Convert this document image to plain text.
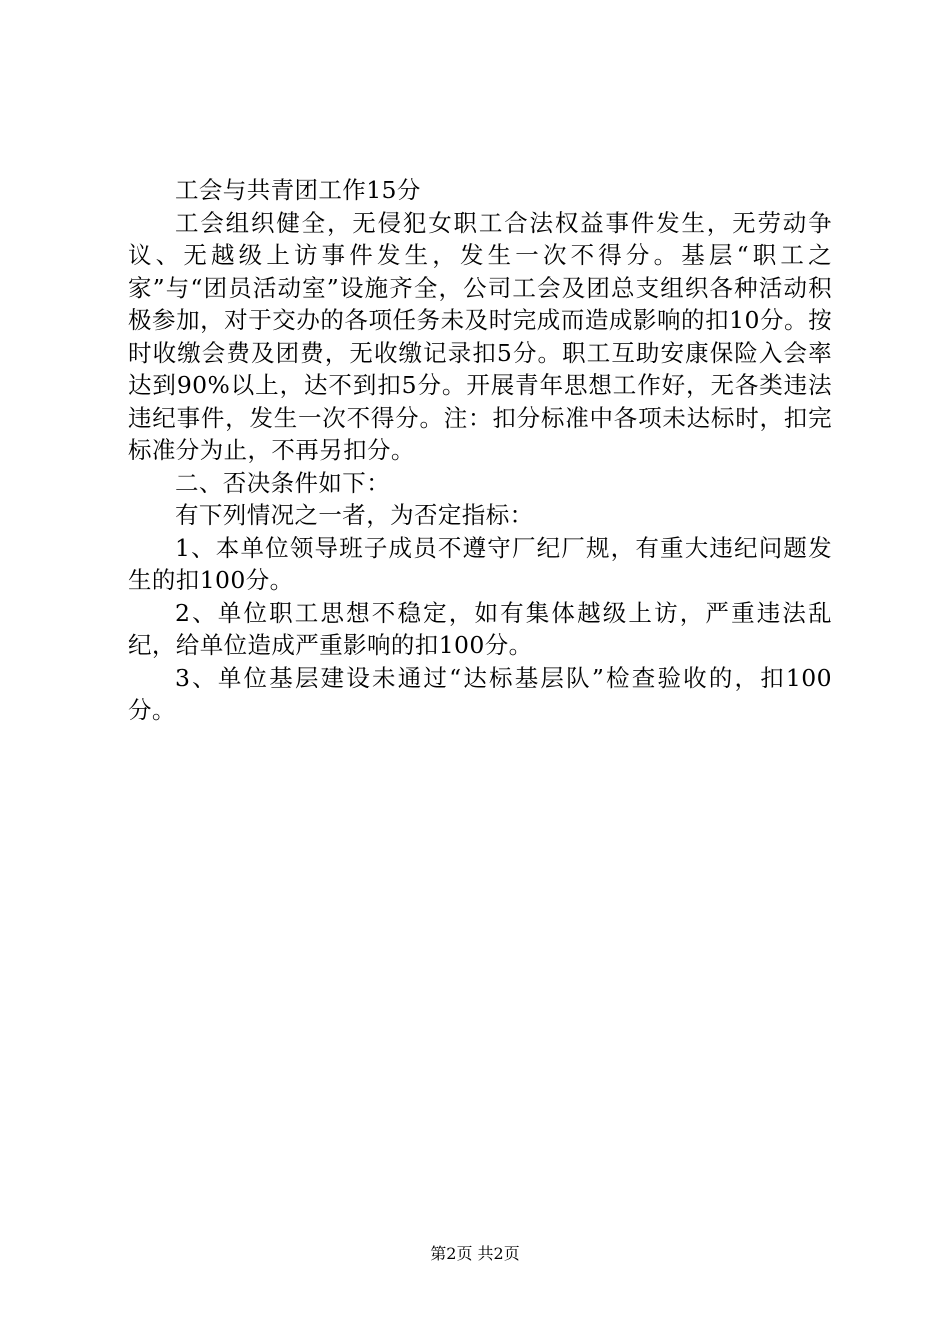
工会与共青团工作15分

工会组织健全，无侵犯女职工合法权益事件发生，无劳动争议、无越级上访事件发生，发生一次不得分。基层“职工之家”与“团员活动室”设施齐全，公司工会及团总支组织各种活动积极参加，对于交办的各项任务未及时完成而造成影响的扣10分。按时收缴会费及团费，无收缴记录扣5分。职工互助安康保险入会率达到90%以上，达不到扣5分。开展青年思想工作好，无各类违法违纪事件，发生一次不得分。注：扣分标准中各项未达标时，扣完标准分为止，不再另扣分。

二、否决条件如下：

有下列情况之一者，为否定指标：

1、本单位领导班子成员不遵守厂纪厂规，有重大违纪问题发生的扣100分。

2、单位职工思想不稳定，如有集体越级上访，严重违法乱纪，给单位造成严重影响的扣100分。

3、单位基层建设未通过“达标基层队”检查验收的，扣100分。

第2页 共2页
